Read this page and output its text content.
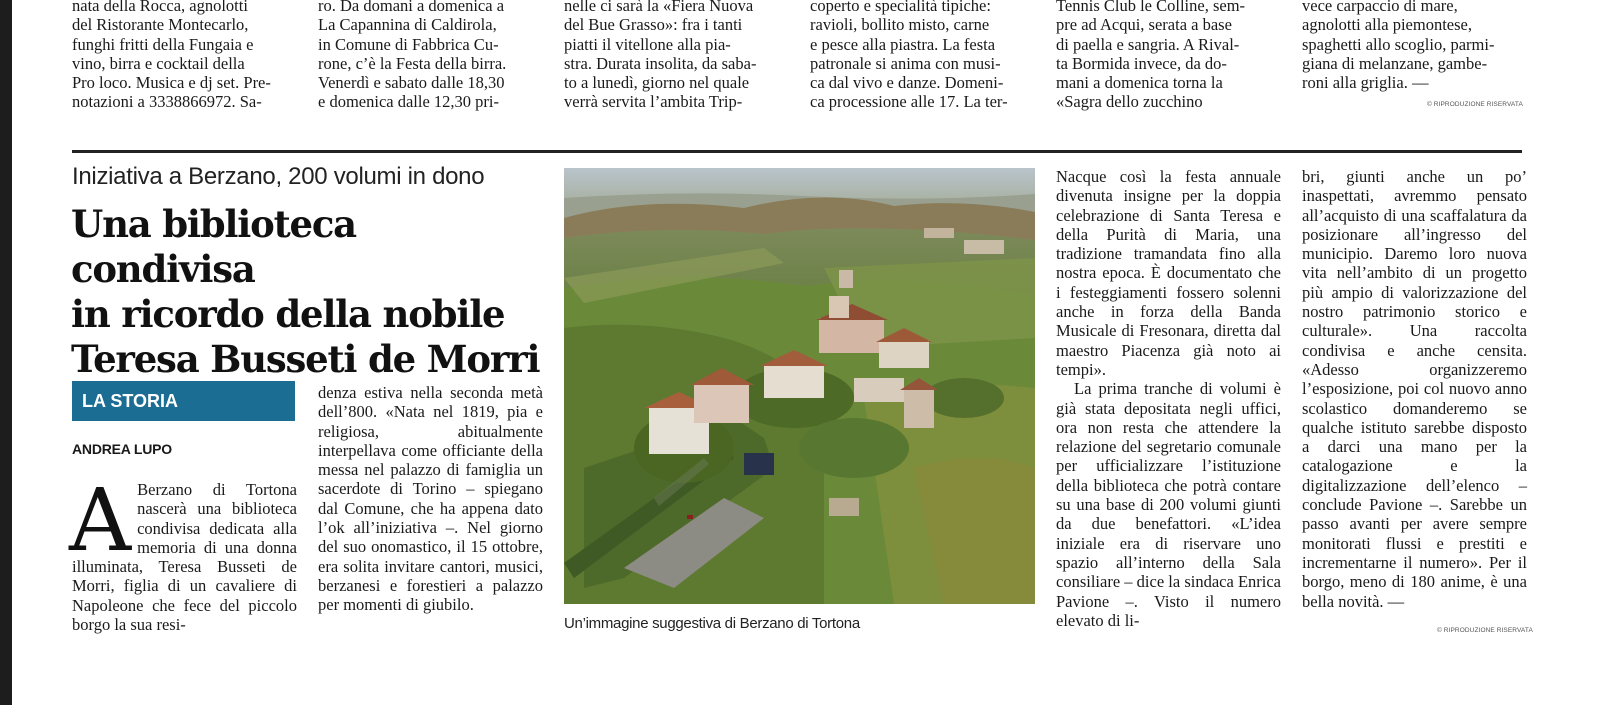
nata della Rocca, agnolotti
del Ristorante Montecarlo,
funghi fritti della Fungaia e
vino, birra e cocktail della
Pro loco. Musica e dj set. Pre-
notazioni a 3338866972. Sa-
ro. Da domani a domenica a
La Capannina di Caldirola,
in Comune di Fabbrica Cu-
rone, c’è la Festa della birra.
Venerdì e sabato dalle 18,30
e domenica dalle 12,30 pri-
nelle ci sarà la «Fiera Nuova
del Bue Grasso»: fra i tanti
piatti il vitellone alla pia-
stra. Durata insolita, da saba-
to a lunedì, giorno nel quale
verrà servita l’ambita Trip-
coperto e specialità tipiche:
ravioli, bollito misto, carne
e pesce alla piastra. La festa
patronale si anima con musi-
ca dal vivo e danze. Domeni-
ca processione alle 17. La ter-
Tennis Club le Colline, sem-
pre ad Acqui, serata a base
di paella e sangria. A Rival-
ta Bormida invece, da do-
mani a domenica torna la
«Sagra dello zucchino
vece carpaccio di mare,
agnolotti alla piemontese,
spaghetti allo scoglio, parmi-
giana di melanzane, gambe-
roni alla griglia. —
© RIPRODUZIONE RISERVATA
Iniziativa a Berzano, 200 volumi in dono
Una biblioteca condivisa
in ricordo della nobile
Teresa Busseti de Morri
LA STORIA
ANDREA LUPO
A Berzano di Tortona nascerà una biblioteca condivisa dedicata alla memoria di una donna illuminata, Teresa Busseti de Morri, figlia di un cavaliere di Napoleone che fece del piccolo borgo la sua resi-

denza estiva nella seconda metà dell’800. «Nata nel 1819, pia e religiosa, abitualmente interpellava come officiante della messa nel palazzo di famiglia un sacerdote di Torino – spiegano dal Comune, che ha appena dato l’ok all’iniziativa –. Nel giorno del suo onomastico, il 15 ottobre, era solita invitare cantori, musici, berzanesi e forestieri a palazzo per momenti di giubilo.

Un’immagine suggestiva di Berzano di Tortona

Nacque così la festa annuale divenuta insigne per la doppia celebrazione di Santa Teresa e della Purità di Maria, una tradizione tramandata fino alla nostra epoca. È documentato che i festeggiamenti fossero solenni anche in forza della Banda Musicale di Fresonara, diretta dal maestro Piacenza già noto ai tempi».

La prima tranche di volumi è già stata depositata negli uffici, ora non resta che attendere la relazione del segretario comunale per ufficializzare l’istituzione della biblioteca che potrà contare su una base di 200 volumi giunti da due benefattori. «L’idea iniziale era di riservare uno spazio all’interno della Sala consiliare – dice la sindaca Enrica Pavione –. Visto il numero elevato di li-

bri, giunti anche un po’ inaspettati, avremmo pensato all’acquisto di una scaffalatura da posizionare all’ingresso del municipio. Daremo loro nuova vita nell’ambito di un progetto più ampio di valorizzazione del nostro patrimonio storico e culturale». Una raccolta condivisa e anche censita. «Adesso organizzeremo l’esposizione, poi col nuovo anno scolastico domanderemo se qualche istituto sarebbe disposto a darci una mano per la catalogazione e la digitalizzazione dell’elenco – conclude Pavione –. Sarebbe un passo avanti per avere sempre monitorati flussi e prestiti e incrementarne il numero». Per il borgo, meno di 180 anime, è una bella novità. —

© RIPRODUZIONE RISERVATA
